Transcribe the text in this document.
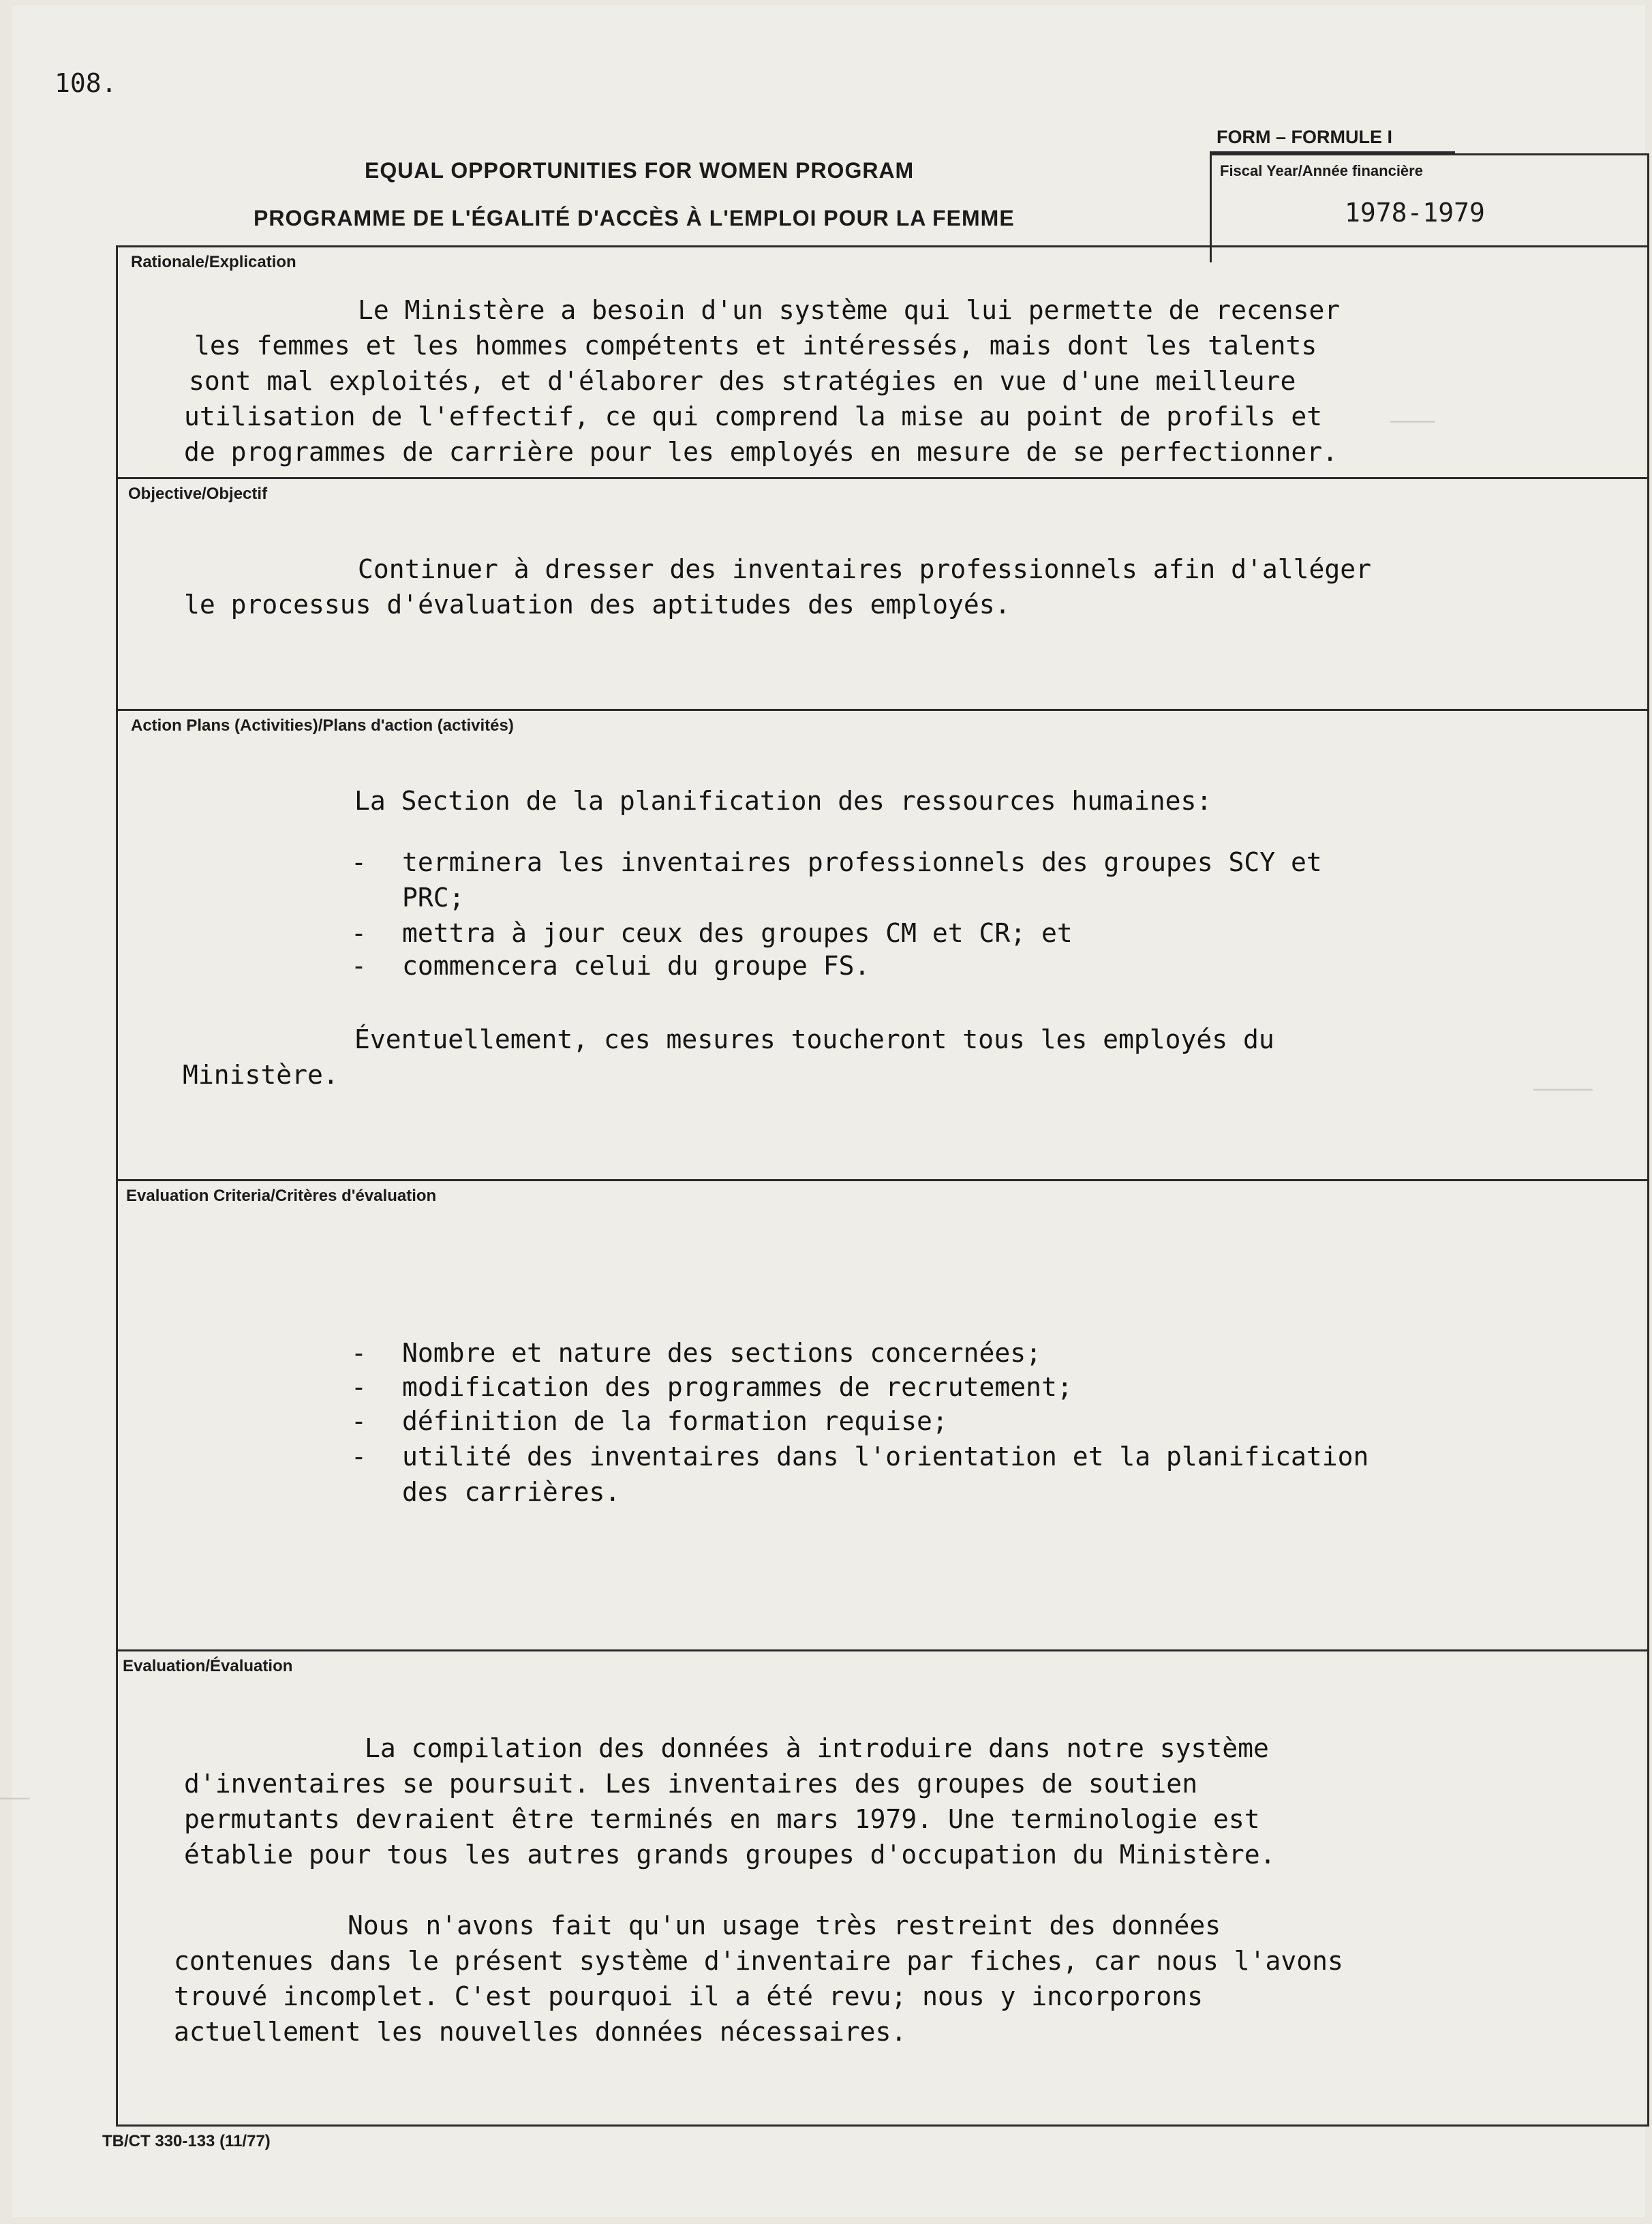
───
────
──
108.
EQUAL OPPORTUNITIES FOR WOMEN PROGRAM
PROGRAMME DE L'ÉGALITÉ D'ACCÈS À L'EMPLOI POUR LA FEMME
FORM – FORMULE I
Fiscal Year/Année financière
1978-1979
Rationale/Explication
Le Ministère a besoin d'un système qui lui permette de recenser
les femmes et les hommes compétents et intéressés, mais dont les talents
sont mal exploités, et d'élaborer des stratégies en vue d'une meilleure
utilisation de l'effectif, ce qui comprend la mise au point de profils et
de programmes de carrière pour les employés en mesure de se perfectionner.
Objective/Objectif
Continuer à dresser des inventaires professionnels afin d'alléger
le processus d'évaluation des aptitudes des employés.
Action Plans (Activities)/Plans d'action (activités)
La Section de la planification des ressources humaines:
- terminera les inventaires professionnels des groupes SCY et
PRC;
- mettra à jour ceux des groupes CM et CR; et
- commencera celui du groupe FS.
Éventuellement, ces mesures toucheront tous les employés du
Ministère.
Evaluation Criteria/Critères d'évaluation
- Nombre et nature des sections concernées;
- modification des programmes de recrutement;
- définition de la formation requise;
- utilité des inventaires dans l'orientation et la planification
des carrières.
Evaluation/Évaluation
La compilation des données à introduire dans notre système
d'inventaires se poursuit. Les inventaires des groupes de soutien
permutants devraient être terminés en mars 1979. Une terminologie est
établie pour tous les autres grands groupes d'occupation du Ministère.
Nous n'avons fait qu'un usage très restreint des données
contenues dans le présent système d'inventaire par fiches, car nous l'avons
trouvé incomplet. C'est pourquoi il a été revu; nous y incorporons
actuellement les nouvelles données nécessaires.
TB/CT 330-133 (11/77)
